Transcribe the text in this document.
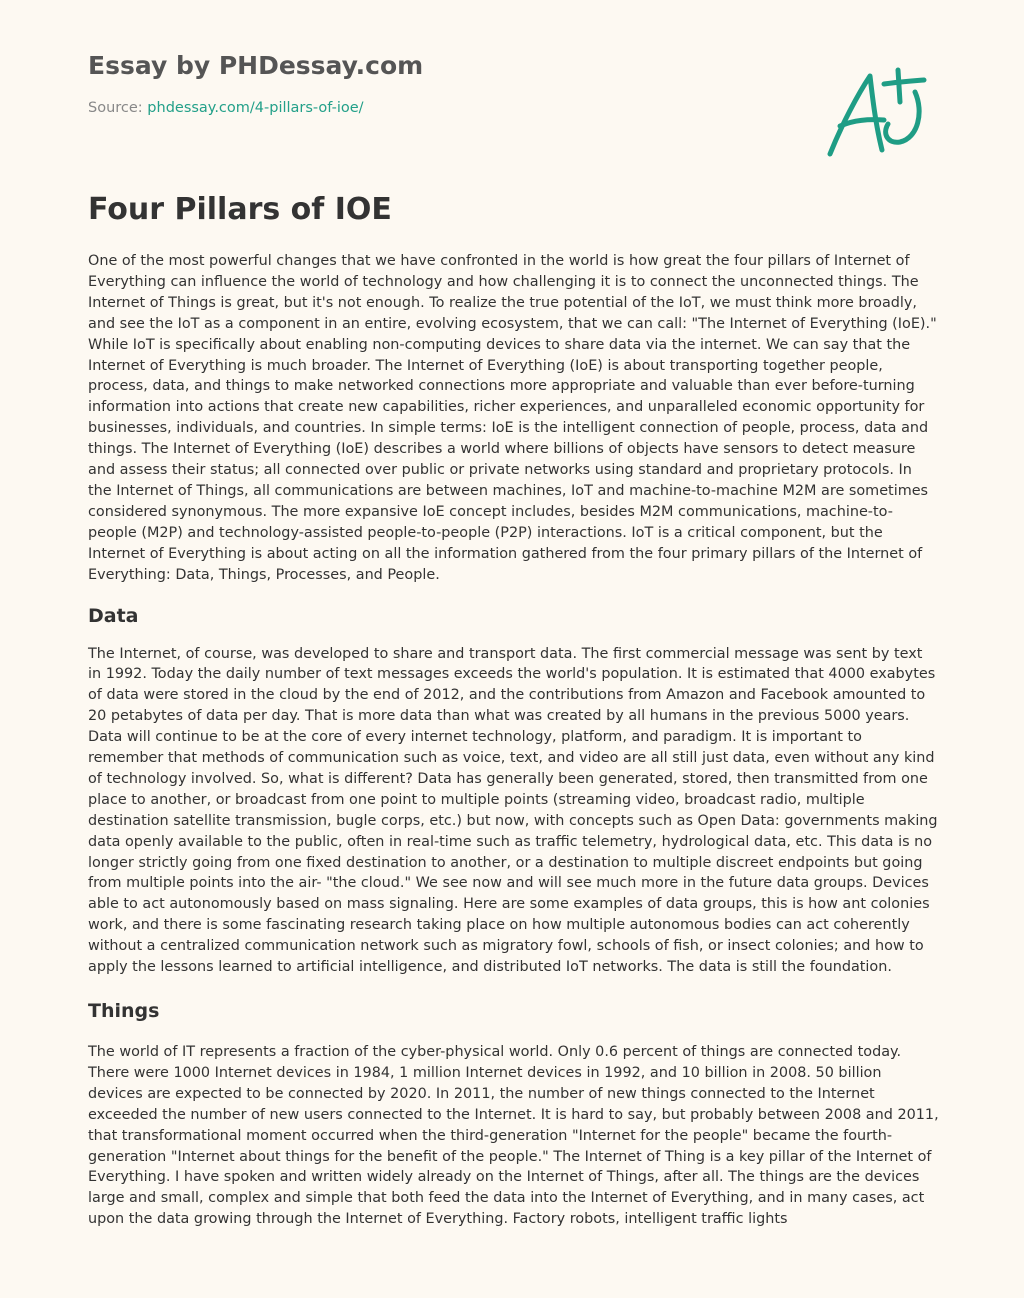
Essay by PHDessay.com
Source: phdessay.com/4-pillars-of-ioe/
Four Pillars of IOE

One of the most powerful changes that we have confronted in the world is how great the four pillars of Internet of Everything can influence the world of technology and how challenging it is to connect the unconnected things. The Internet of Things is great, but it's not enough. To realize the true potential of the IoT, we must think more broadly, and see the IoT as a component in an entire, evolving ecosystem, that we can call: "The Internet of Everything (IoE)." While IoT is specifically about enabling non-computing devices to share data via the internet. We can say that the Internet of Everything is much broader. The Internet of Everything (IoE) is about transporting together people, process, data, and things to make networked connections more appropriate and valuable than ever before-turning information into actions that create new capabilities, richer experiences, and unparalleled economic opportunity for businesses, individuals, and countries. In simple terms: IoE is the intelligent connection of people, process, data and things. The Internet of Everything (IoE) describes a world where billions of objects have sensors to detect measure and assess their status; all connected over public or private networks using standard and proprietary protocols. In the Internet of Things, all communications are between machines, IoT and machine-to-machine M2M are sometimes considered synonymous. The more expansive IoE concept includes, besides M2M communications, machine-to-people (M2P) and technology-assisted people-to-people (P2P) interactions. IoT is a critical component, but the Internet of Everything is about acting on all the information gathered from the four primary pillars of the Internet of Everything: Data, Things, Processes, and People.

Data

The Internet, of course, was developed to share and transport data. The first commercial message was sent by text in 1992. Today the daily number of text messages exceeds the world's population. It is estimated that 4000 exabytes of data were stored in the cloud by the end of 2012, and the contributions from Amazon and Facebook amounted to 20 petabytes of data per day. That is more data than what was created by all humans in the previous 5000 years. Data will continue to be at the core of every internet technology, platform, and paradigm. It is important to remember that methods of communication such as voice, text, and video are all still just data, even without any kind of technology involved. So, what is different? Data has generally been generated, stored, then transmitted from one place to another, or broadcast from one point to multiple points (streaming video, broadcast radio, multiple destination satellite transmission, bugle corps, etc.) but now, with concepts such as Open Data: governments making data openly available to the public, often in real-time such as traffic telemetry, hydrological data, etc. This data is no longer strictly going from one fixed destination to another, or a destination to multiple discreet endpoints but going from multiple points into the air- "the cloud." We see now and will see much more in the future data groups. Devices able to act autonomously based on mass signaling. Here are some examples of data groups, this is how ant colonies work, and there is some fascinating research taking place on how multiple autonomous bodies can act coherently without a centralized communication network such as migratory fowl, schools of fish, or insect colonies; and how to apply the lessons learned to artificial intelligence, and distributed IoT networks. The data is still the foundation.

Things

The world of IT represents a fraction of the cyber-physical world. Only 0.6 percent of things are connected today. There were 1000 Internet devices in 1984, 1 million Internet devices in 1992, and 10 billion in 2008. 50 billion devices are expected to be connected by 2020. In 2011, the number of new things connected to the Internet exceeded the number of new users connected to the Internet. It is hard to say, but probably between 2008 and 2011, that transformational moment occurred when the third-generation "Internet for the people" became the fourth-generation "Internet about things for the benefit of the people." The Internet of Thing is a key pillar of the Internet of Everything. I have spoken and written widely already on the Internet of Things, after all. The things are the devices large and small, complex and simple that both feed the data into the Internet of Everything, and in many cases, act upon the data growing through the Internet of Everything. Factory robots, intelligent traffic lights
